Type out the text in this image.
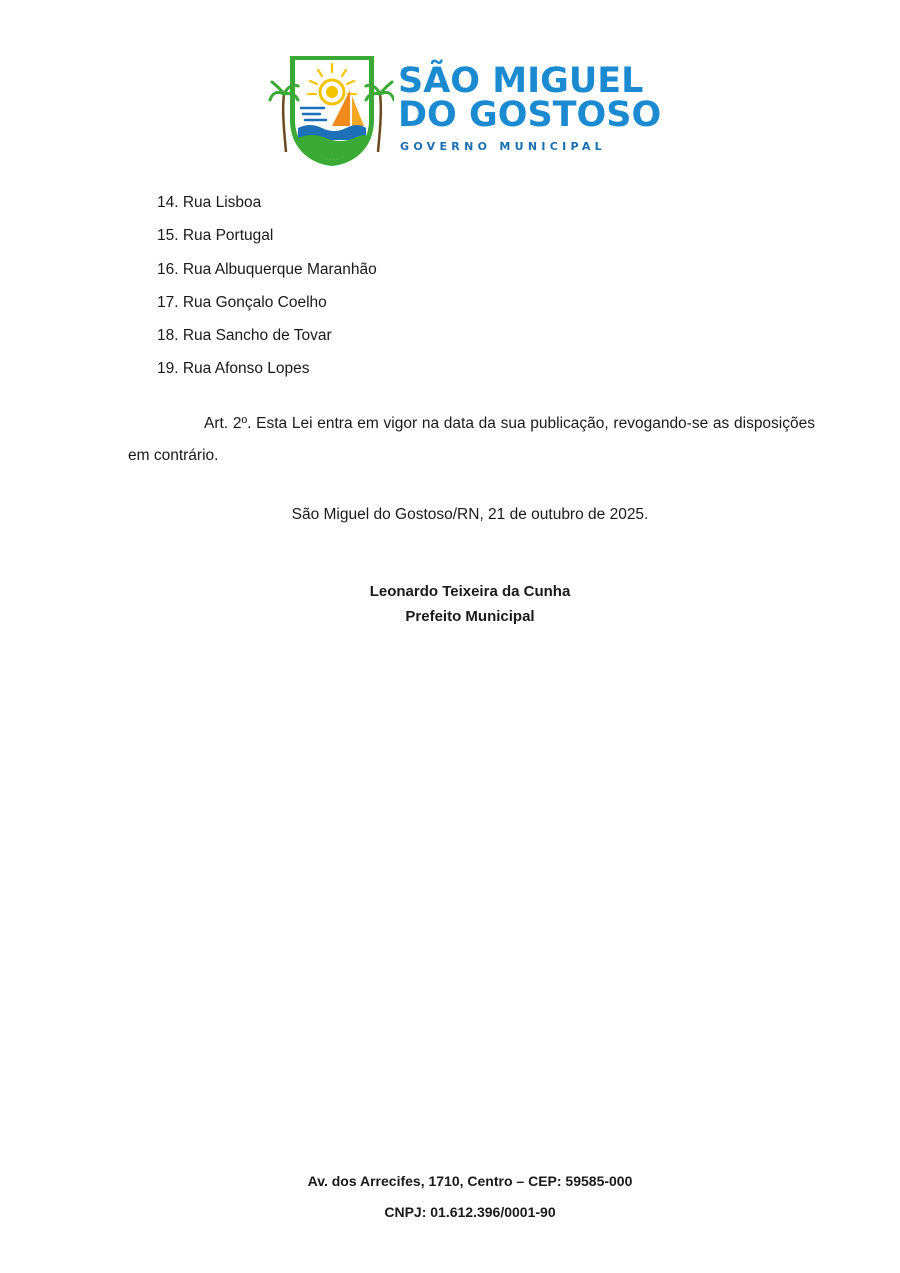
SÃO MIGUEL
DO GOSTOSO
GOVERNO MUNICIPAL
14. Rua Lisboa
15. Rua Portugal
16. Rua Albuquerque Maranhão
17. Rua Gonçalo Coelho
18. Rua Sancho de Tovar
19. Rua Afonso Lopes

Art. 2º. Esta Lei entra em vigor na data da sua publicação, revogando-se as disposições em contrário.

São Miguel do Gostoso/RN, 21 de outubro de 2025.
Leonardo Teixeira da Cunha
Prefeito Municipal
Av. dos Arrecifes, 1710, Centro – CEP: 59585-000
CNPJ: 01.612.396/0001-90
